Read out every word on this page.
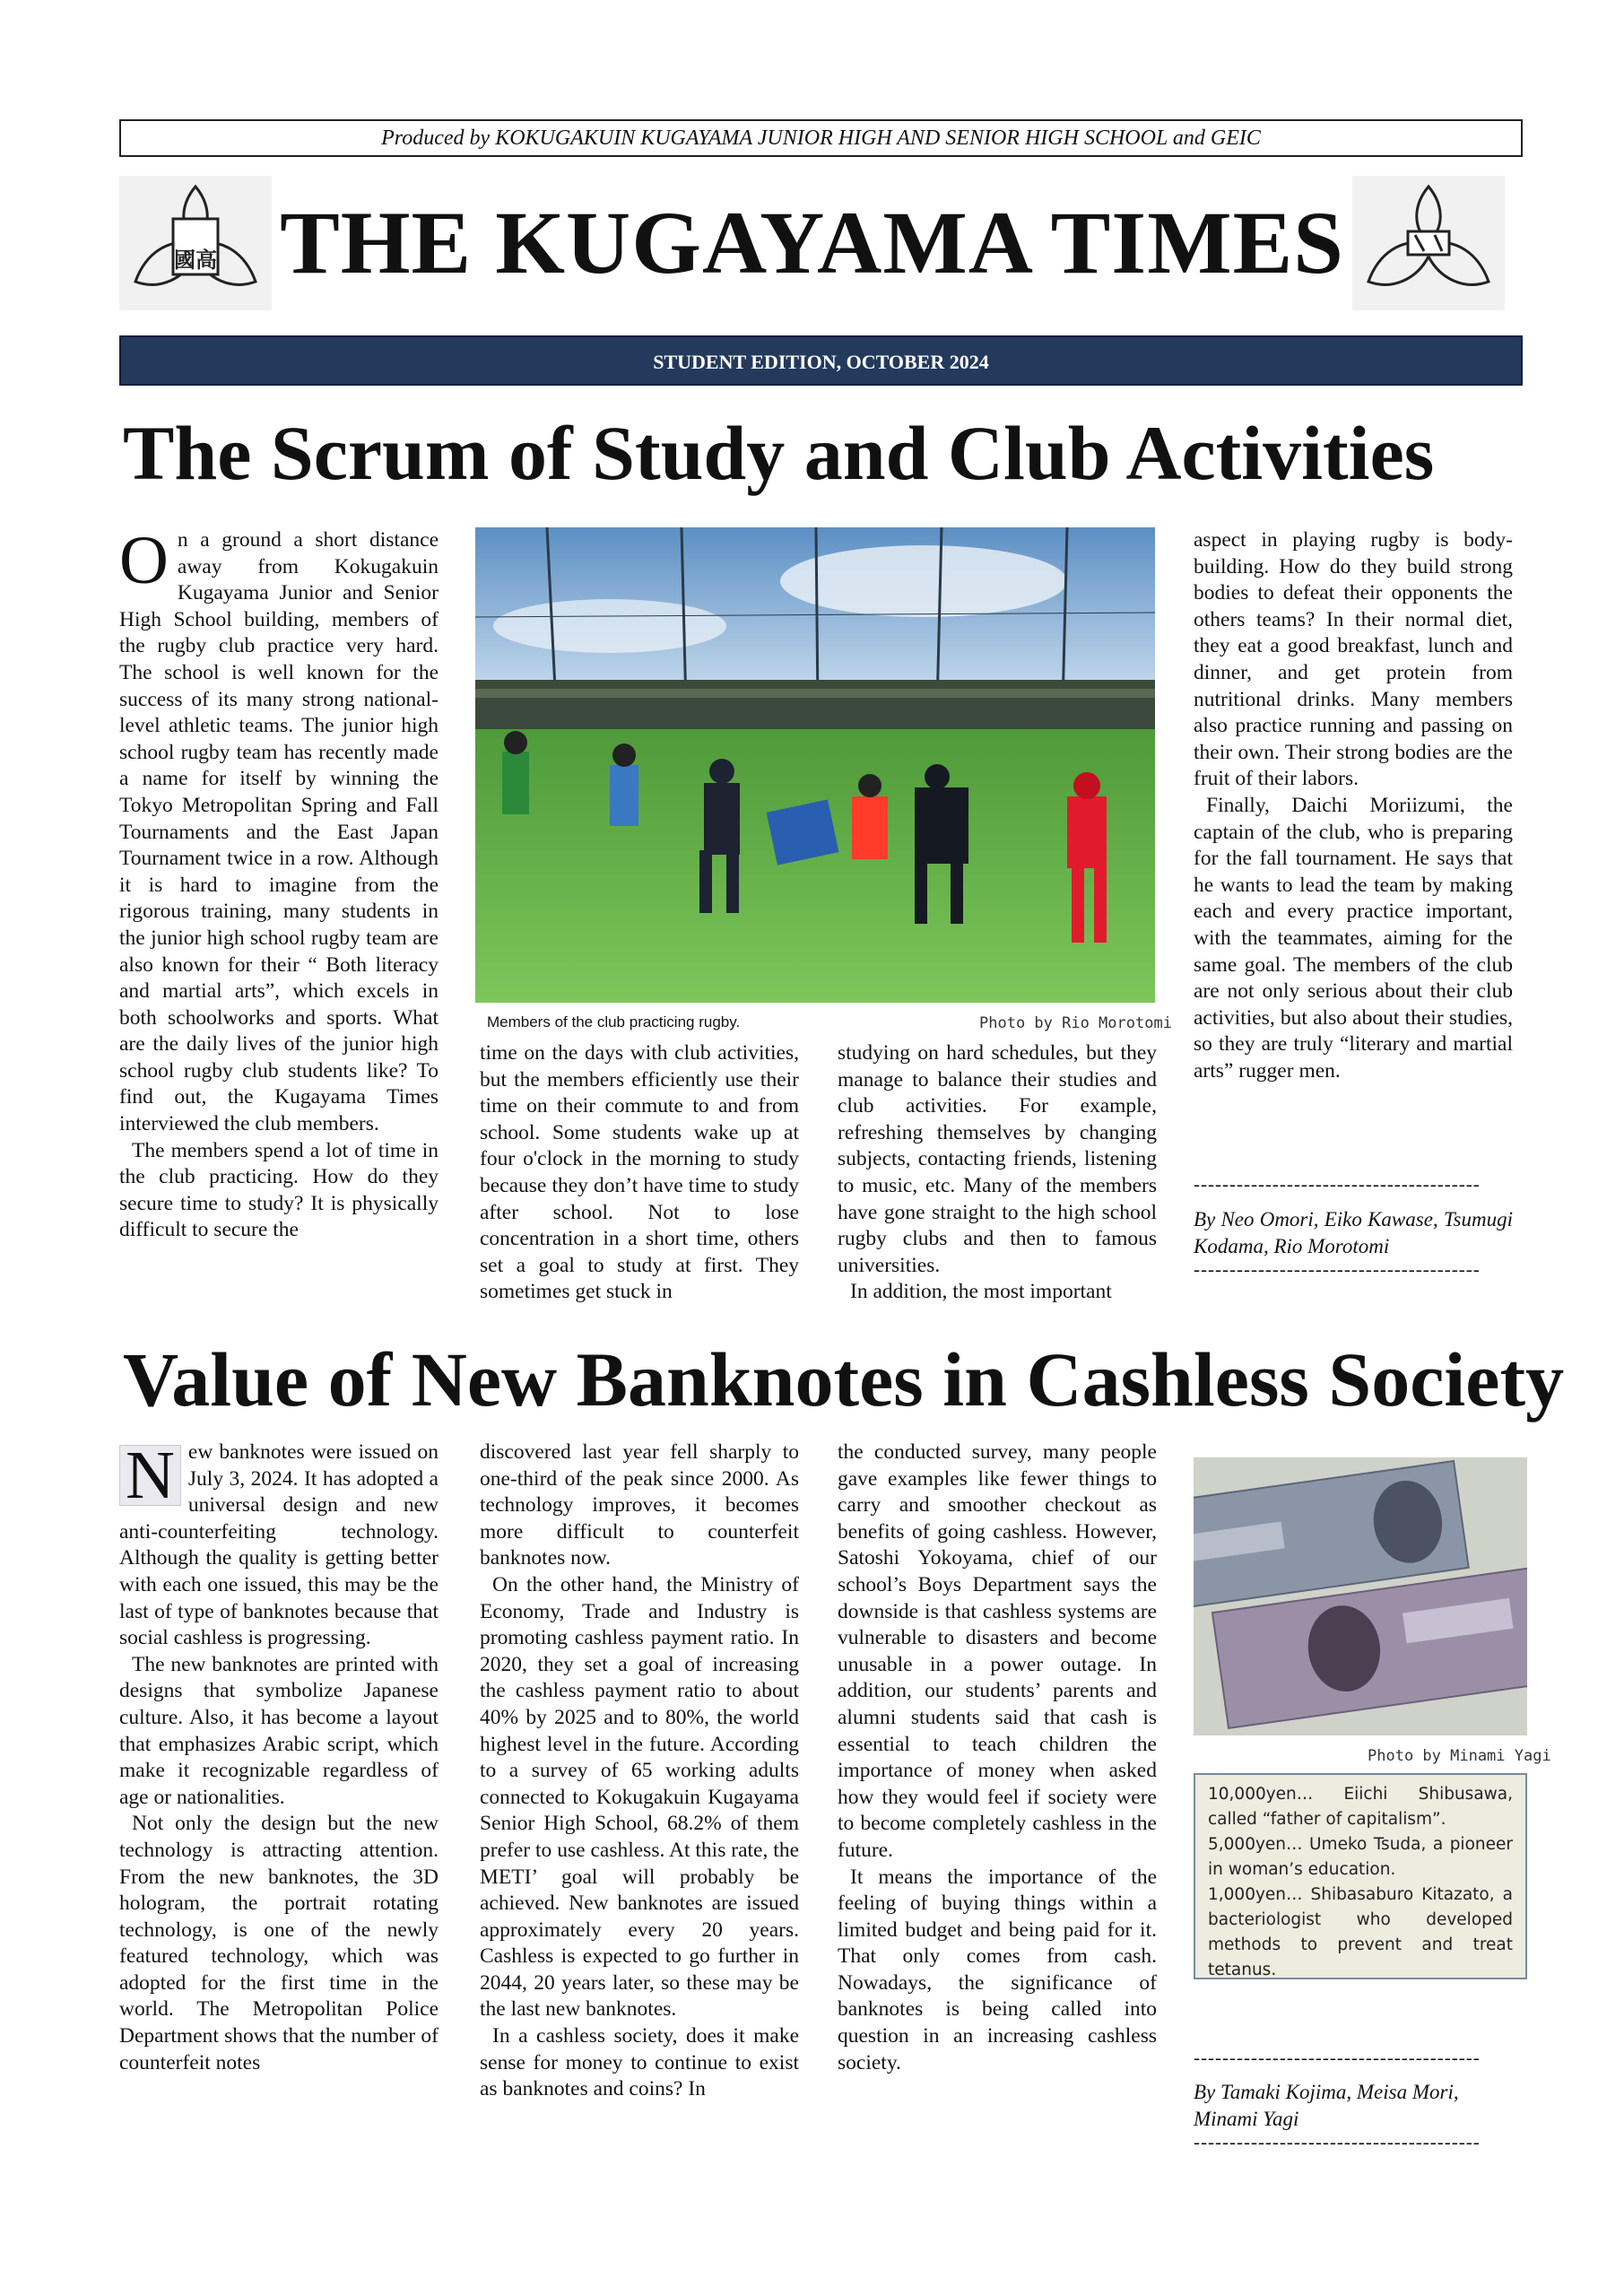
Produced by KOKUGAKUIN KUGAYAMA JUNIOR HIGH AND SENIOR HIGH SCHOOL and GEIC
國高 THE KUGAYAMA TIMES
STUDENT EDITION, OCTOBER 2024
The Scrum of Study and Club Activities

On a ground a short distance away from Kokugakuin Kugayama Junior and Senior High School building, members of the rugby club practice very hard. The school is well known for the success of its many strong national-level athletic teams. The junior high school rugby team has recently made a name for itself by winning the Tokyo Metropolitan Spring and Fall Tournaments and the East Japan Tournament twice in a row. Although it is hard to imagine from the rigorous training, many students in the junior high school rugby team are also known for their “ Both literacy and martial arts”, which excels in both schoolworks and sports. What are the daily lives of the junior high school rugby club students like? To find out, the Kugayama Times interviewed the club members.

The members spend a lot of time in the club practicing. How do they secure time to study? It is physically difficult to secure the

Members of the club practicing rugby.	Photo by Rio Morotomi

time on the days with club activities, but the members efficiently use their time on their commute to and from school. Some students wake up at four o'clock in the morning to study because they don’t have time to study after school. Not to lose concentration in a short time, others set a goal to study at first. They sometimes get stuck in

studying on hard schedules, but they manage to balance their studies and club activities. For example, refreshing themselves by changing subjects, contacting friends, listening to music, etc. Many of the members have gone straight to the high school rugby clubs and then to famous universities.

In addition, the most important

aspect in playing rugby is body-building. How do they build strong bodies to defeat their opponents the others teams? In their normal diet, they eat a good breakfast, lunch and dinner, and get protein from nutritional drinks. Many members also practice running and passing on their own. Their strong bodies are the fruit of their labors.

Finally, Daichi Moriizumi, the captain of the club, who is preparing for the fall tournament. He says that he wants to lead the team by making each and every practice important, with the teammates, aiming for the same goal. The members of the club are not only serious about their club activities, but also about their studies, so they are truly “literary and martial arts” rugger men.

----------------------------------------
By Neo Omori, Eiko Kawase, Tsumugi Kodama, Rio Morotomi
----------------------------------------
Value of New Banknotes in Cashless Society

N ew banknotes were issued on July 3, 2024. It has adopted a universal design and new anti-counterfeiting technology. Although the quality is getting better with each one issued, this may be the last of type of banknotes because that social cashless is progressing.

The new banknotes are printed with designs that symbolize Japanese culture. Also, it has become a layout that emphasizes Arabic script, which make it recognizable regardless of age or nationalities.

Not only the design but the new technology is attracting attention. From the new banknotes, the 3D hologram, the portrait rotating technology, is one of the newly featured technology, which was adopted for the first time in the world. The Metropolitan Police Department shows that the number of counterfeit notes

discovered last year fell sharply to one-third of the peak since 2000. As technology improves, it becomes more difficult to counterfeit banknotes now.

On the other hand, the Ministry of Economy, Trade and Industry is promoting cashless payment ratio. In 2020, they set a goal of increasing the cashless payment ratio to about 40% by 2025 and to 80%, the world highest level in the future. According to a survey of 65 working adults connected to Kokugakuin Kugayama Senior High School, 68.2% of them prefer to use cashless. At this rate, the METI’ goal will probably be achieved. New banknotes are issued approximately every 20 years. Cashless is expected to go further in 2044, 20 years later, so these may be the last new banknotes.

In a cashless society, does it make sense for money to continue to exist as banknotes and coins? In

the conducted survey, many people gave examples like fewer things to carry and smoother checkout as benefits of going cashless. However, Satoshi Yokoyama, chief of our school’s Boys Department says the downside is that cashless systems are vulnerable to disasters and become unusable in a power outage. In addition, our students’ parents and alumni students said that cash is essential to teach children the importance of money when asked how they would feel if society were to become completely cashless in the future.

It means the importance of the feeling of buying things within a limited budget and being paid for it. That only comes from cash. Nowadays, the significance of banknotes is being called into question in an increasing cashless society.

Photo by Minami Yagi

10,000yen… Eiichi Shibusawa, called “father of capitalism”.

5,000yen… Umeko Tsuda, a pioneer in woman’s education.

1,000yen… Shibasaburo Kitazato, a bacteriologist who developed methods to prevent and treat tetanus.

----------------------------------------
By Tamaki Kojima, Meisa Mori, Minami Yagi
----------------------------------------
